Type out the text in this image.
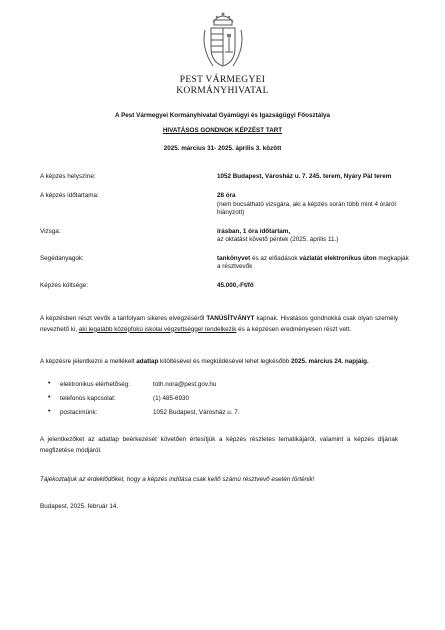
PEST VÁRMEGYEI
KORMÁNYHIVATAL
A Pest Vármegyei Kormányhivatal Gyámügyi és Igazságügyi Főosztálya
HIVATÁSOS GONDNOK KÉPZÉST TART
2025. március 31- 2025. április 3. között
A képzés helyszíne:	1052 Budapest, Városház u. 7. 245. terem, Nyáry Pál terem
A képzés időtartama:	28 óra
(nem bocsátható vizsgára, aki a képzés során több mint 4 óráról hiányzott)
Vizsga:	írásban, 1 óra időtartam,
az oktatást követő péntek (2025. április 11.)
Segédanyagok:	tankönyvet és az előadások vázlatát elektronikus úton megkapják a résztvevők
Képzés költsége:	45.000,-Ft/fő
A képzésben részt vevők a tanfolyam sikeres elvégzéséről TANÚSÍTVÁNYT kapnak. Hivatásos gondnokká csak olyan személy nevezhető ki, aki legalább középfokú iskolai végzettséggel rendelkezik és a képzésen eredményesen részt vett.
A képzésre jelentkezni a mellékelt adatlap kitöltésével és megküldésével lehet legkésőbb 2025. március 24. napjáig.
• elektronikus elérhetőség:	toth.nora@pest.gov.hu
• telefonos kapcsolat:	(1) 485-6930
• postacímünk:	1052 Budapest, Városház u. 7.
A jelentkezőket az adatlap beérkezését követően értesítjük a képzés részletes tematikájáról, valamint a képzés díjának megfizetése módjáról.
Tájékoztatjuk az érdeklődőket, hogy a képzés indítása csak kellő számú résztvevő esetén történik!
Budapest, 2025. február 14.
